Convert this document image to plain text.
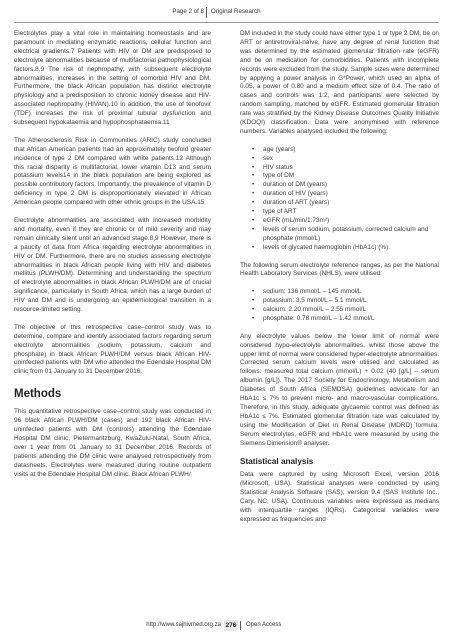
Page 2 of 8 Original Research

Electrolytes play a vital role in maintaining homeostasis and are paramount in mediating enzymatic reactions, cellular function and electrical gradients.7 Patients with HIV or DM are predisposed to electrolyte abnormalities because of multifactorial pathophysiological factors.8,9 The risk of nephropathy, with subsequent electrolyte abnormalities, increases in the setting of comorbid HIV and DM. Furthermore, the black African population has distinct electrolyte physiology and a predisposition to chronic kidney disease and HIV-associated nephropathy (HIVAN).10 In addition, the use of tenofovir (TDF) increases the risk of proximal tubular dysfunction and subsequent hypokalaemia and hypophosphataemia.11

The Atherosclerosis Risk in Communities (ARIC) study concluded that African American patients had an approximately twofold greater incidence of type 2 DM compared with white patients.12 Although this racial disparity is multifactorial, lower vitamin D13 and serum potassium levels14 in the black population are being explored as possible contributory factors. Importantly, the prevalence of vitamin D deficiency in type 2 DM is disproportionately elevated in African American people compared with other ethnic groups in the USA.15

Electrolyte abnormalities are associated with increased morbidity and mortality, even if they are chronic or of mild severity and may remain clinically silent until an advanced stage.8,9 However, there is a paucity of data from Africa regarding electrolyte abnormalities in HIV or DM. Furthermore, there are no studies assessing electrolyte abnormalities in black African people living with HIV and diabetes mellitus (PLWH/DM). Determining and understanding the spectrum of electrolyte abnormalities in black African PLWH/DM are of crucial significance, particularly in South Africa, which has a large burden of HIV and DM and is undergoing an epidemiological transition in a resource-limited setting.

The objective of this retrospective case–control study was to determine, compare and identify associated factors regarding serum electrolyte abnormalities (sodium, potassium, calcium and phosphate) in black African PLWH/DM versus black African HIV-uninfected patients with DM who attended the Edendale Hospital DM clinic from 01 January to 31 December 2016.

Methods

This quantitative retrospective case–control study was conducted in 96 black African PLWH/DM (cases) and 192 black African HIV-uninfected patients with DM (controls) attending the Edendale Hospital DM clinic, Pietermaritzburg, KwaZulu-Natal, South Africa, over 1 year from 01 January to 31 December 2016. Records of patients attending the DM clinic were analysed retrospectively from datasheets. Electrolytes were measured during routine outpatient visits at the Edendale Hospital DM clinic. Black African PLWH/

DM included in the study could have either type 1 or type 2 DM, be on ART or antiretroviral-naïve, have any degree of renal function that was determined by the estimated glomerular filtration rate (eGFR) and be on medication for comorbidities. Patients with incomplete records were excluded from the study. Sample sizes were determined by applying a power analysis in G*Power, which used an alpha of 0.05, a power of 0.80 and a medium effect size of 0.4. The ratio of cases and controls was 1:2, and participants were selected by random sampling, matched by eGFR. Estimated glomerular filtration rate was stratified by the Kidney Disease Outcomes Quality Initiative (KDOQI) classification. Data were anonymised with reference numbers. Variables analysed included the following:

• age (years)
• sex
• HIV status
• type of DM
• duration of DM (years)
• duration of HIV (years)
• duration of ART (years)
• type of ART
• eGFR (mL/min/1.73m²)
• levels of serum sodium, potassium, corrected calcium and phosphate (mmol/L)
• levels of glycated haemoglobin (HbA1c) (%).

The following serum electrolyte reference ranges, as per the National Health Laboratory Services (NHLS), were utilised:

• sodium: 136 mmol/L – 145 mmol/L
• potassium: 3.5 mmol/L – 5.1 mmol/L
• calcium: 2.20 mmol/L – 2.55 mmol/L
• phosphate: 0.78 mmol/L – 1.42 mmol/L

Any electrolyte values below the lower limit of normal were considered hypo-electrolyte abnormalities, whilst those above the upper limit of normal were considered hyper-electrolyte abnormalities. Corrected serum calcium levels were utilised and calculated as follows: measured total calcium (mmol/L) + 0.02 (40 [g/L] – serum albumin [g/L]). The 2017 Society for Endocrinology, Metabolism and Diabetes of South Africa (SEMDSA) guidelines advocate for an HbA1c ≤ 7% to prevent micro- and macro-vascular complications. Therefore, in this study, adequate glycaemic control was defined as HbA1c ≤ 7%. Estimated glomerular filtration rate was calculated by using the Modification of Diet in Renal Disease (MDRD) formula. Serum electrolytes, eGFR and HbA1c were measured by using the Siemens Dimension® analyser.

Statistical analysis

Data were captured by using Microsoft Excel, version 2016 (Microsoft, USA). Statistical analyses were conducted by using Statistical Analysis Software (SAS), version 9.4 (SAS Institute Inc., Cary, NC, USA). Continuous variables were expressed as medians with interquartile ranges (IQRs). Categorical variables were expressed as frequencies and

http://www.sajhivmed.org.za 276 Open Access
